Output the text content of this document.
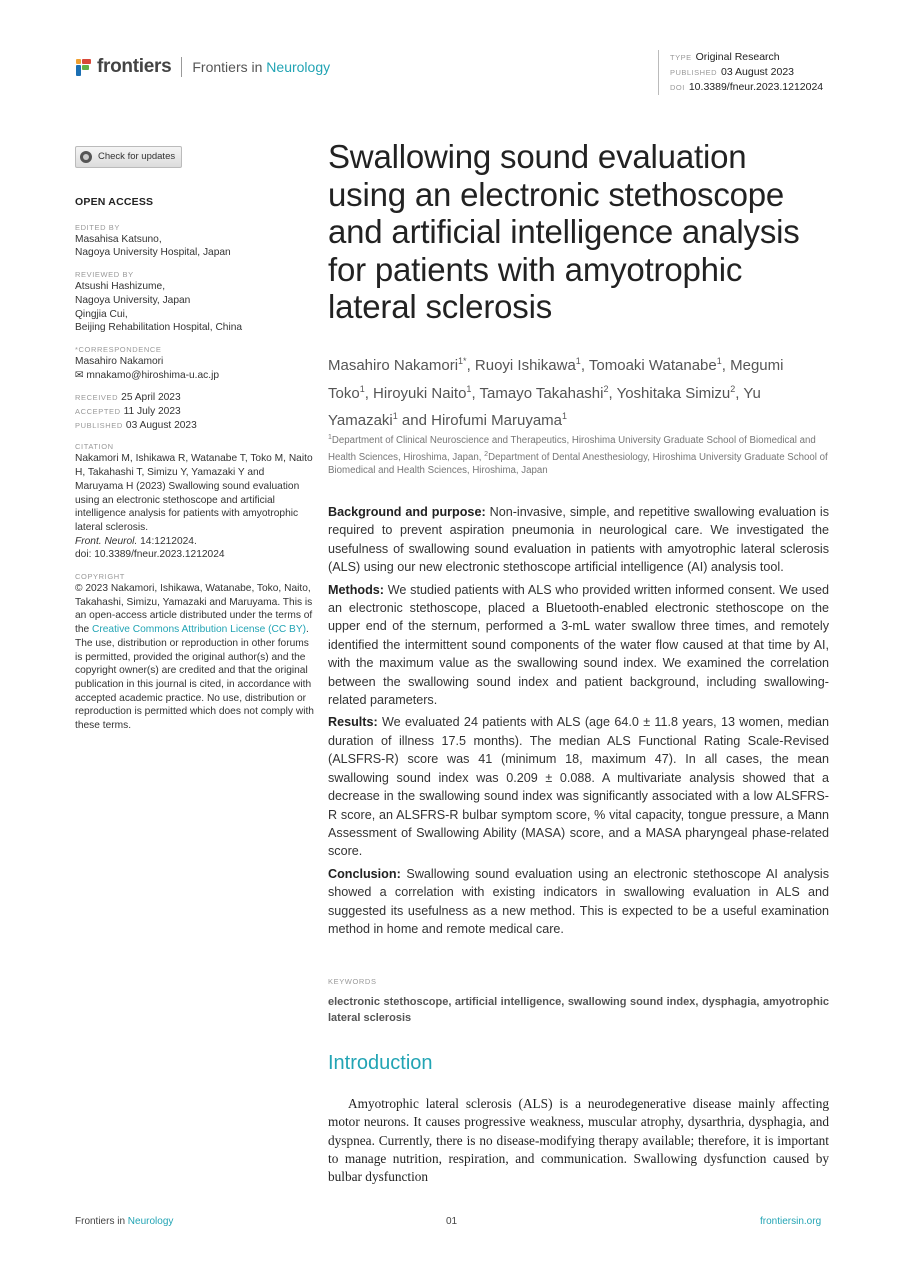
frontiers Frontiers in Neurology
TYPE Original Research
PUBLISHED 03 August 2023
DOI 10.3389/fneur.2023.1212024
Check for updates
OPEN ACCESS
EDITED BY
Masahisa Katsuno,
Nagoya University Hospital, Japan
REVIEWED BY
Atsushi Hashizume,
Nagoya University, Japan
Qingjia Cui,
Beijing Rehabilitation Hospital, China
*CORRESPONDENCE
Masahiro Nakamori
✉ mnakamo@hiroshima-u.ac.jp
RECEIVED 25 April 2023
ACCEPTED 11 July 2023
PUBLISHED 03 August 2023
CITATION
Nakamori M, Ishikawa R, Watanabe T, Toko M, Naito H, Takahashi T, Simizu Y, Yamazaki Y and Maruyama H (2023) Swallowing sound evaluation using an electronic stethoscope and artificial intelligence analysis for patients with amyotrophic lateral sclerosis.
Front. Neurol. 14:1212024.
doi: 10.3389/fneur.2023.1212024
COPYRIGHT
© 2023 Nakamori, Ishikawa, Watanabe, Toko, Naito, Takahashi, Simizu, Yamazaki and Maruyama. This is an open-access article distributed under the terms of the Creative Commons Attribution License (CC BY). The use, distribution or reproduction in other forums is permitted, provided the original author(s) and the copyright owner(s) are credited and that the original publication in this journal is cited, in accordance with accepted academic practice. No use, distribution or reproduction is permitted which does not comply with these terms.
Swallowing sound evaluation using an electronic stethoscope and artificial intelligence analysis for patients with amyotrophic lateral sclerosis
Masahiro Nakamori$^{1*}$, Ruoyi Ishikawa$^1$, Tomoaki Watanabe$^1$, Megumi Toko$^1$, Hiroyuki Naito$^1$, Tamayo Takahashi$^2$, Yoshitaka Simizu$^2$, Yu Yamazaki$^1$ and Hirofumi Maruyama$^1$
$^1$Department of Clinical Neuroscience and Therapeutics, Hiroshima University Graduate School of Biomedical and Health Sciences, Hiroshima, Japan, $^2$Department of Dental Anesthesiology, Hiroshima University Graduate School of Biomedical and Health Sciences, Hiroshima, Japan

Background and purpose: Non-invasive, simple, and repetitive swallowing evaluation is required to prevent aspiration pneumonia in neurological care. We investigated the usefulness of swallowing sound evaluation in patients with amyotrophic lateral sclerosis (ALS) using our new electronic stethoscope artificial intelligence (AI) analysis tool.

Methods: We studied patients with ALS who provided written informed consent. We used an electronic stethoscope, placed a Bluetooth-enabled electronic stethoscope on the upper end of the sternum, performed a 3-mL water swallow three times, and remotely identified the intermittent sound components of the water flow caused at that time by AI, with the maximum value as the swallowing sound index. We examined the correlation between the swallowing sound index and patient background, including swallowing-related parameters.

Results: We evaluated 24 patients with ALS (age 64.0 ± 11.8 years, 13 women, median duration of illness 17.5 months). The median ALS Functional Rating Scale-Revised (ALSFRS-R) score was 41 (minimum 18, maximum 47). In all cases, the mean swallowing sound index was 0.209 ± 0.088. A multivariate analysis showed that a decrease in the swallowing sound index was significantly associated with a low ALSFRS-R score, an ALSFRS-R bulbar symptom score, % vital capacity, tongue pressure, a Mann Assessment of Swallowing Ability (MASA) score, and a MASA pharyngeal phase-related score.

Conclusion: Swallowing sound evaluation using an electronic stethoscope AI analysis showed a correlation with existing indicators in swallowing evaluation in ALS and suggested its usefulness as a new method. This is expected to be a useful examination method in home and remote medical care.

KEYWORDS
electronic stethoscope, artificial intelligence, swallowing sound index, dysphagia, amyotrophic lateral sclerosis
Introduction

Amyotrophic lateral sclerosis (ALS) is a neurodegenerative disease mainly affecting motor neurons. It causes progressive weakness, muscular atrophy, dysarthria, dysphagia, and dyspnea. Currently, there is no disease-modifying therapy available; therefore, it is important to manage nutrition, respiration, and communication. Swallowing dysfunction caused by bulbar dysfunction

Frontiers in Neurology	01	frontiersin.org
